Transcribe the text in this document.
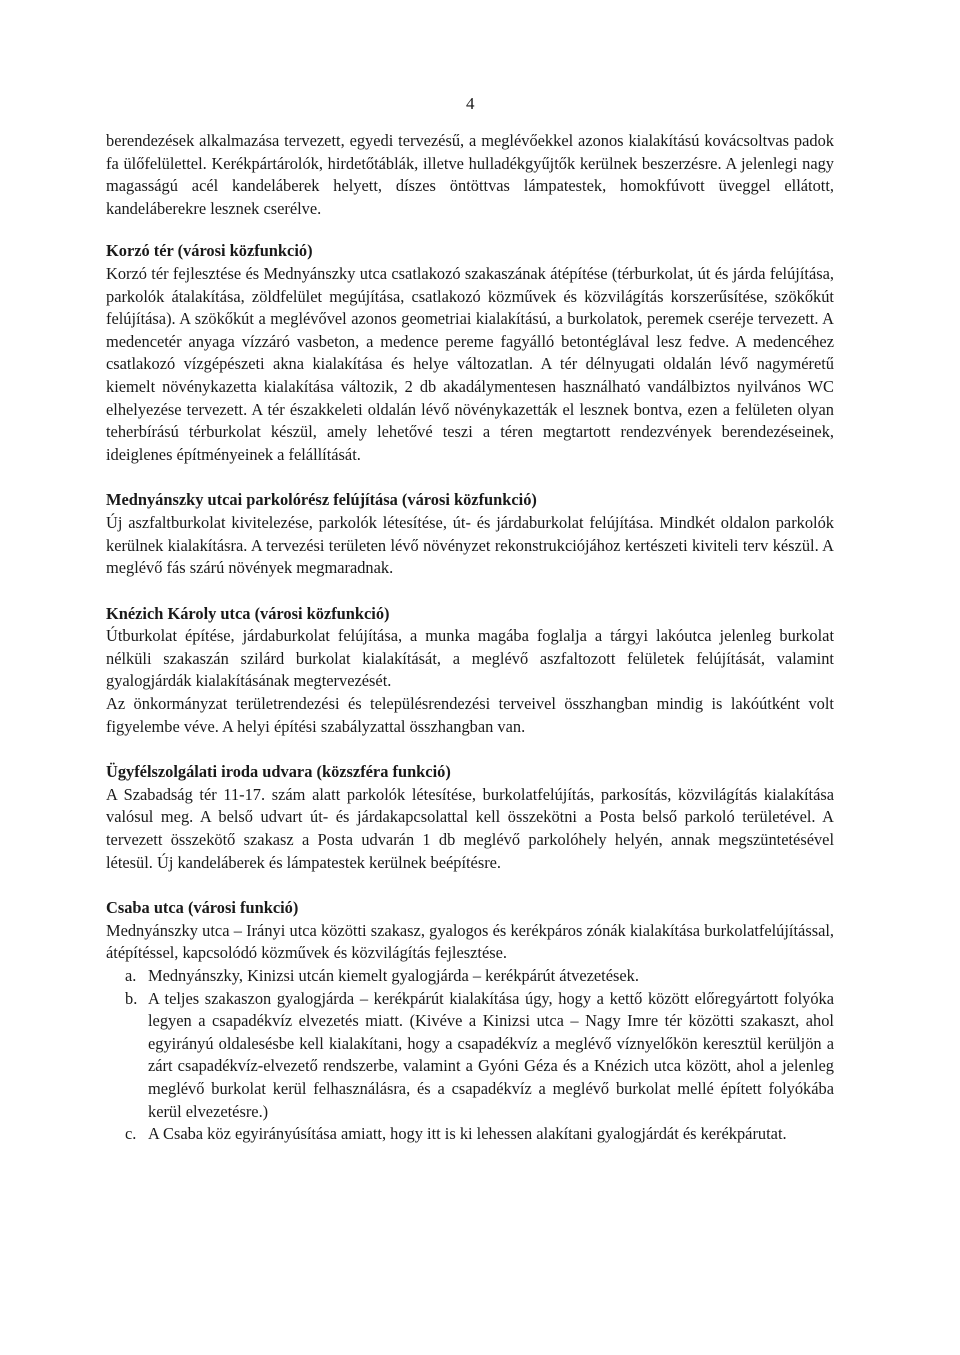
4

berendezések alkalmazása tervezett, egyedi tervezésű, a meglévőekkel azonos kialakítású kovácsoltvas padok fa ülőfelülettel. Kerékpártárolók, hirdetőtáblák, illetve hulladékgyűjtők kerülnek beszerzésre. A jelenlegi nagy magasságú acél kandeláberek helyett, díszes öntöttvas lámpatestek, homokfúvott üveggel ellátott, kandeláberekre lesznek cserélve.

Korzó tér (városi közfunkció)

Korzó tér fejlesztése és Mednyánszky utca csatlakozó szakaszának átépítése (térburkolat, út és járda felújítása, parkolók átalakítása, zöldfelület megújítása, csatlakozó közművek és közvilágítás korszerűsítése, szökőkút felújítása). A szökőkút a meglévővel azonos geometriai kialakítású, a burkolatok, peremek cseréje tervezett. A medencetér anyaga vízzáró vasbeton, a medence pereme fagyálló betontéglával lesz fedve. A medencéhez csatlakozó vízgépészeti akna kialakítása és helye változatlan. A tér délnyugati oldalán lévő nagyméretű kiemelt növénykazetta kialakítása változik, 2 db akadálymentesen használható vandálbiztos nyilvános WC elhelyezése tervezett. A tér északkeleti oldalán lévő növénykazetták el lesznek bontva, ezen a felületen olyan teherbírású térburkolat készül, amely lehetővé teszi a téren megtartott rendezvények berendezéseinek, ideiglenes építményeinek a felállítását.

Mednyánszky utcai parkolórész felújítása (városi közfunkció)

Új aszfaltburkolat kivitelezése, parkolók létesítése, út- és járdaburkolat felújítása. Mindkét oldalon parkolók kerülnek kialakításra. A tervezési területen lévő növényzet rekonstrukciójához kertészeti kiviteli terv készül. A meglévő fás szárú növények megmaradnak.

Knézich Károly utca (városi közfunkció)

Útburkolat építése, járdaburkolat felújítása, a munka magába foglalja a tárgyi lakóutca jelenleg burkolat nélküli szakaszán szilárd burkolat kialakítását, a meglévő aszfaltozott felületek felújítását, valamint gyalogjárdák kialakításának megtervezését.

Az önkormányzat területrendezési és településrendezési terveivel összhangban mindig is lakóútként volt figyelembe véve. A helyi építési szabályzattal összhangban van.

Ügyfélszolgálati iroda udvara (közszféra funkció)

A Szabadság tér 11-17. szám alatt parkolók létesítése, burkolatfelújítás, parkosítás, közvilágítás kialakítása valósul meg. A belső udvart út- és járdakapcsolattal kell összekötni a Posta belső parkoló területével. A tervezett összekötő szakasz a Posta udvarán 1 db meglévő parkolóhely helyén, annak megszüntetésével létesül. Új kandeláberek és lámpatestek kerülnek beépítésre.

Csaba utca (városi funkció)

Mednyánszky utca – Irányi utca közötti szakasz, gyalogos és kerékpáros zónák kialakítása burkolatfelújítással, átépítéssel, kapcsolódó közművek és közvilágítás fejlesztése.

a. Mednyánszky, Kinizsi utcán kiemelt gyalogjárda – kerékpárút átvezetések.
b. A teljes szakaszon gyalogjárda – kerékpárút kialakítása úgy, hogy a kettő között előregyártott folyóka legyen a csapadékvíz elvezetés miatt. (Kivéve a Kinizsi utca – Nagy Imre tér közötti szakaszt, ahol egyirányú oldalesésbe kell kialakítani, hogy a csapadékvíz a meglévő víznyelőkön keresztül kerüljön a zárt csapadékvíz-elvezető rendszerbe, valamint a Gyóni Géza és a Knézich utca között, ahol a jelenleg meglévő burkolat kerül felhasználásra, és a csapadékvíz a meglévő burkolat mellé épített folyókába kerül elvezetésre.)
c. A Csaba köz egyirányúsítása amiatt, hogy itt is ki lehessen alakítani gyalogjárdát és kerékpárutat.
